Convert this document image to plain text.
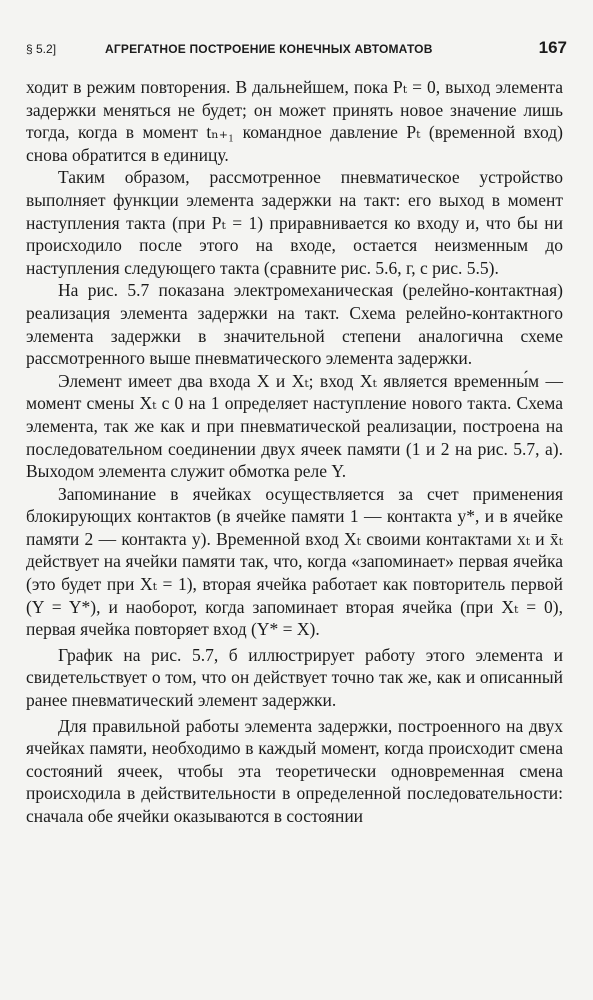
§ 5.2]	АГРЕГАТНОЕ ПОСТРОЕНИЕ КОНЕЧНЫХ АВТОМАТОВ	167

ходит в режим повторения. В дальнейшем, пока Pₜ = 0, выход элемента задержки меняться не будет; он может принять новое значение лишь тогда, когда в момент tₙ₊₁ командное давление Pₜ (временной вход) снова обратится в единицу.

Таким образом, рассмотренное пневматическое устройство выполняет функции элемента задержки на такт: его выход в момент наступления такта (при Pₜ = 1) приравнивается ко входу и, что бы ни происходило после этого на входе, остается неизменным до наступления следующего такта (сравните рис. 5.6, г, с рис. 5.5).

На рис. 5.7 показана электромеханическая (релейно-контактная) реализация элемента задержки на такт. Схема релейно-контактного элемента задержки в значительной степени аналогична схеме рассмотренного выше пневматического элемента задержки.

Элемент имеет два входа X и Xₜ; вход Xₜ является временны́м — момент смены Xₜ с 0 на 1 определяет наступление нового такта. Схема элемента, так же как и при пневматической реализации, построена на последовательном соединении двух ячеек памяти (1 и 2 на рис. 5.7, а). Выходом элемента служит обмотка реле Y.

Запоминание в ячейках осуществляется за счет применения блокирующих контактов (в ячейке памяти 1 — контакта y*, и в ячейке памяти 2 — контакта y). Временной вход Xₜ своими контактами xₜ и x̄ₜ действует на ячейки памяти так, что, когда «запоминает» первая ячейка (это будет при Xₜ = 1), вторая ячейка работает как повторитель первой (Y = Y*), и наоборот, когда запоминает вторая ячейка (при Xₜ = 0), первая ячейка повторяет вход (Y* = X).

График на рис. 5.7, б иллюстрирует работу этого элемента и свидетельствует о том, что он действует точно так же, как и описанный ранее пневматический элемент задержки.

Для правильной работы элемента задержки, построенного на двух ячейках памяти, необходимо в каждый момент, когда происходит смена состояний ячеек, чтобы эта теоретически одновременная смена происходила в действительности в определенной последовательности: сначала обе ячейки оказываются в состоянии
